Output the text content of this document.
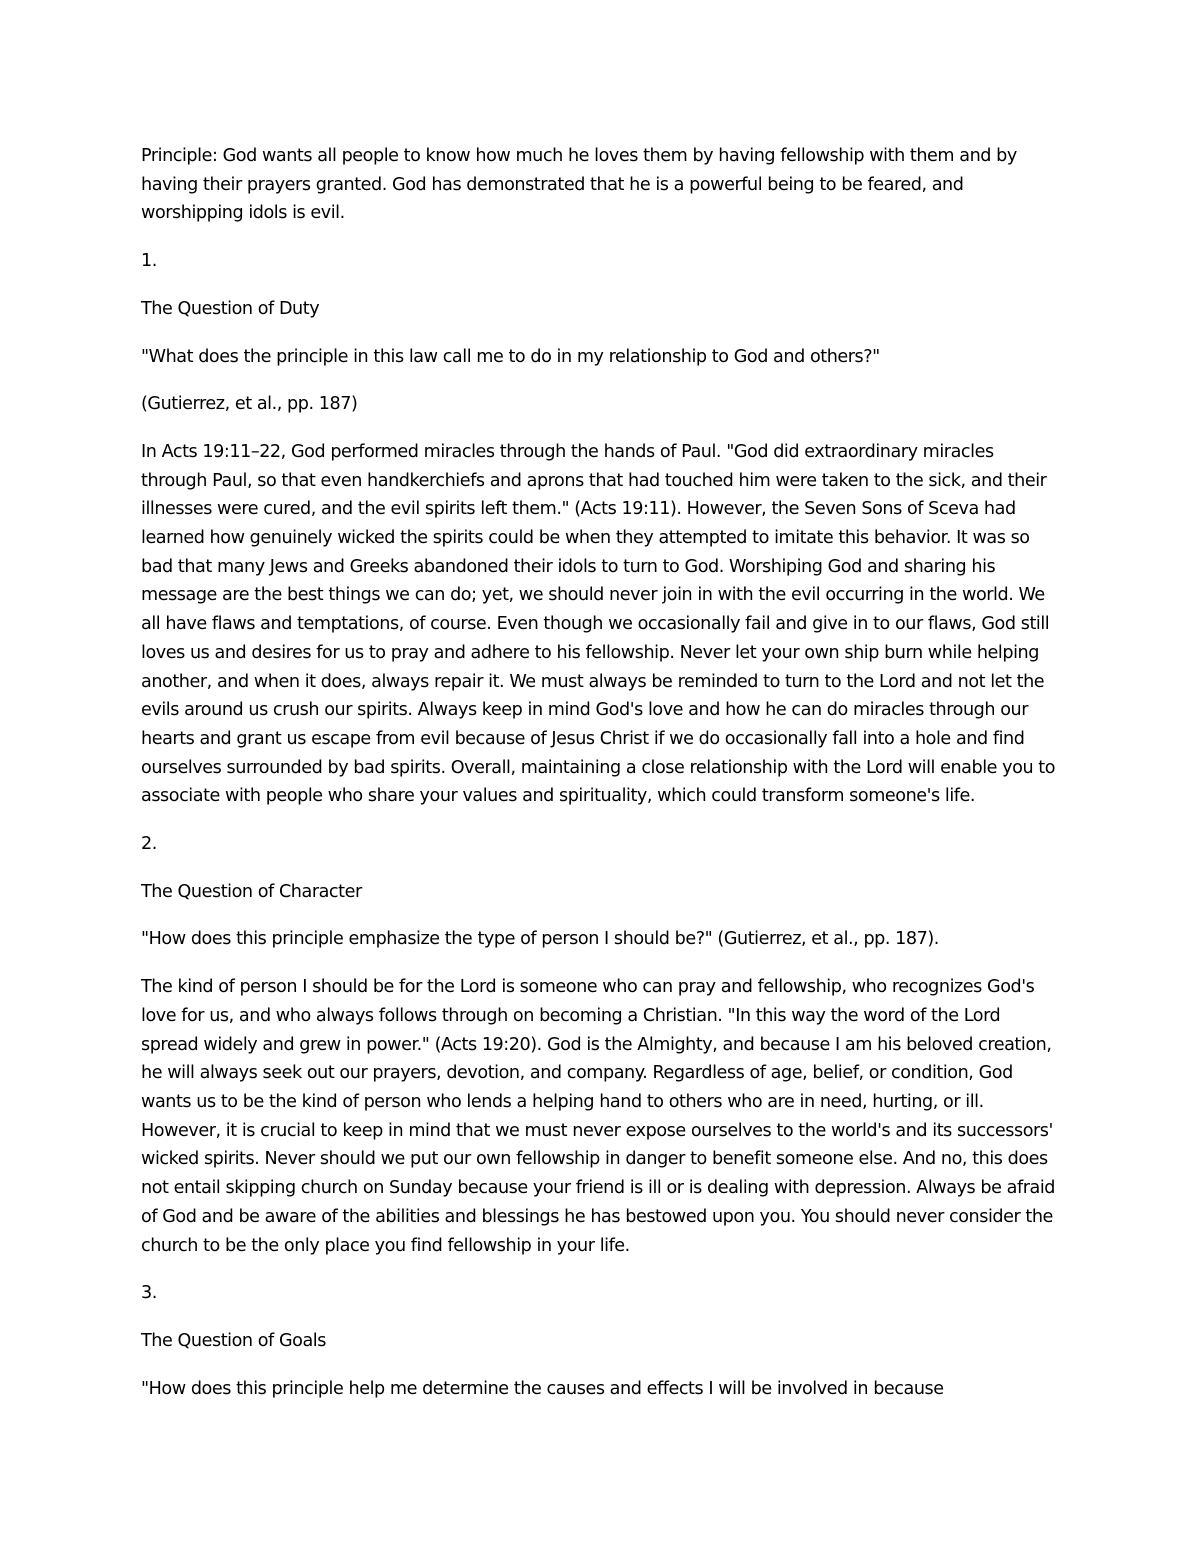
Principle: God wants all people to know how much he loves them by having fellowship with them and by having their prayers granted. God has demonstrated that he is a powerful being to be feared, and worshipping idols is evil.

1.

The Question of Duty

"What does the principle in this law call me to do in my relationship to God and others?"

(Gutierrez, et al., pp. 187)

In Acts 19:11–22, God performed miracles through the hands of Paul. "God did extraordinary miracles through Paul, so that even handkerchiefs and aprons that had touched him were taken to the sick, and their illnesses were cured, and the evil spirits left them." (Acts 19:11). However, the Seven Sons of Sceva had learned how genuinely wicked the spirits could be when they attempted to imitate this behavior. It was so bad that many Jews and Greeks abandoned their idols to turn to God. Worshiping God and sharing his message are the best things we can do; yet, we should never join in with the evil occurring in the world. We all have flaws and temptations, of course. Even though we occasionally fail and give in to our flaws, God still loves us and desires for us to pray and adhere to his fellowship. Never let your own ship burn while helping another, and when it does, always repair it. We must always be reminded to turn to the Lord and not let the evils around us crush our spirits. Always keep in mind God's love and how he can do miracles through our hearts and grant us escape from evil because of Jesus Christ if we do occasionally fall into a hole and find ourselves surrounded by bad spirits. Overall, maintaining a close relationship with the Lord will enable you to associate with people who share your values and spirituality, which could transform someone's life.

2.

The Question of Character

"How does this principle emphasize the type of person I should be?" (Gutierrez, et al., pp. 187).

The kind of person I should be for the Lord is someone who can pray and fellowship, who recognizes God's love for us, and who always follows through on becoming a Christian. "In this way the word of the Lord spread widely and grew in power." (Acts 19:20). God is the Almighty, and because I am his beloved creation, he will always seek out our prayers, devotion, and company. Regardless of age, belief, or condition, God wants us to be the kind of person who lends a helping hand to others who are in need, hurting, or ill. However, it is crucial to keep in mind that we must never expose ourselves to the world's and its successors' wicked spirits. Never should we put our own fellowship in danger to benefit someone else. And no, this does not entail skipping church on Sunday because your friend is ill or is dealing with depression. Always be afraid of God and be aware of the abilities and blessings he has bestowed upon you. You should never consider the church to be the only place you find fellowship in your life.

3.

The Question of Goals

"How does this principle help me determine the causes and effects I will be involved in because
